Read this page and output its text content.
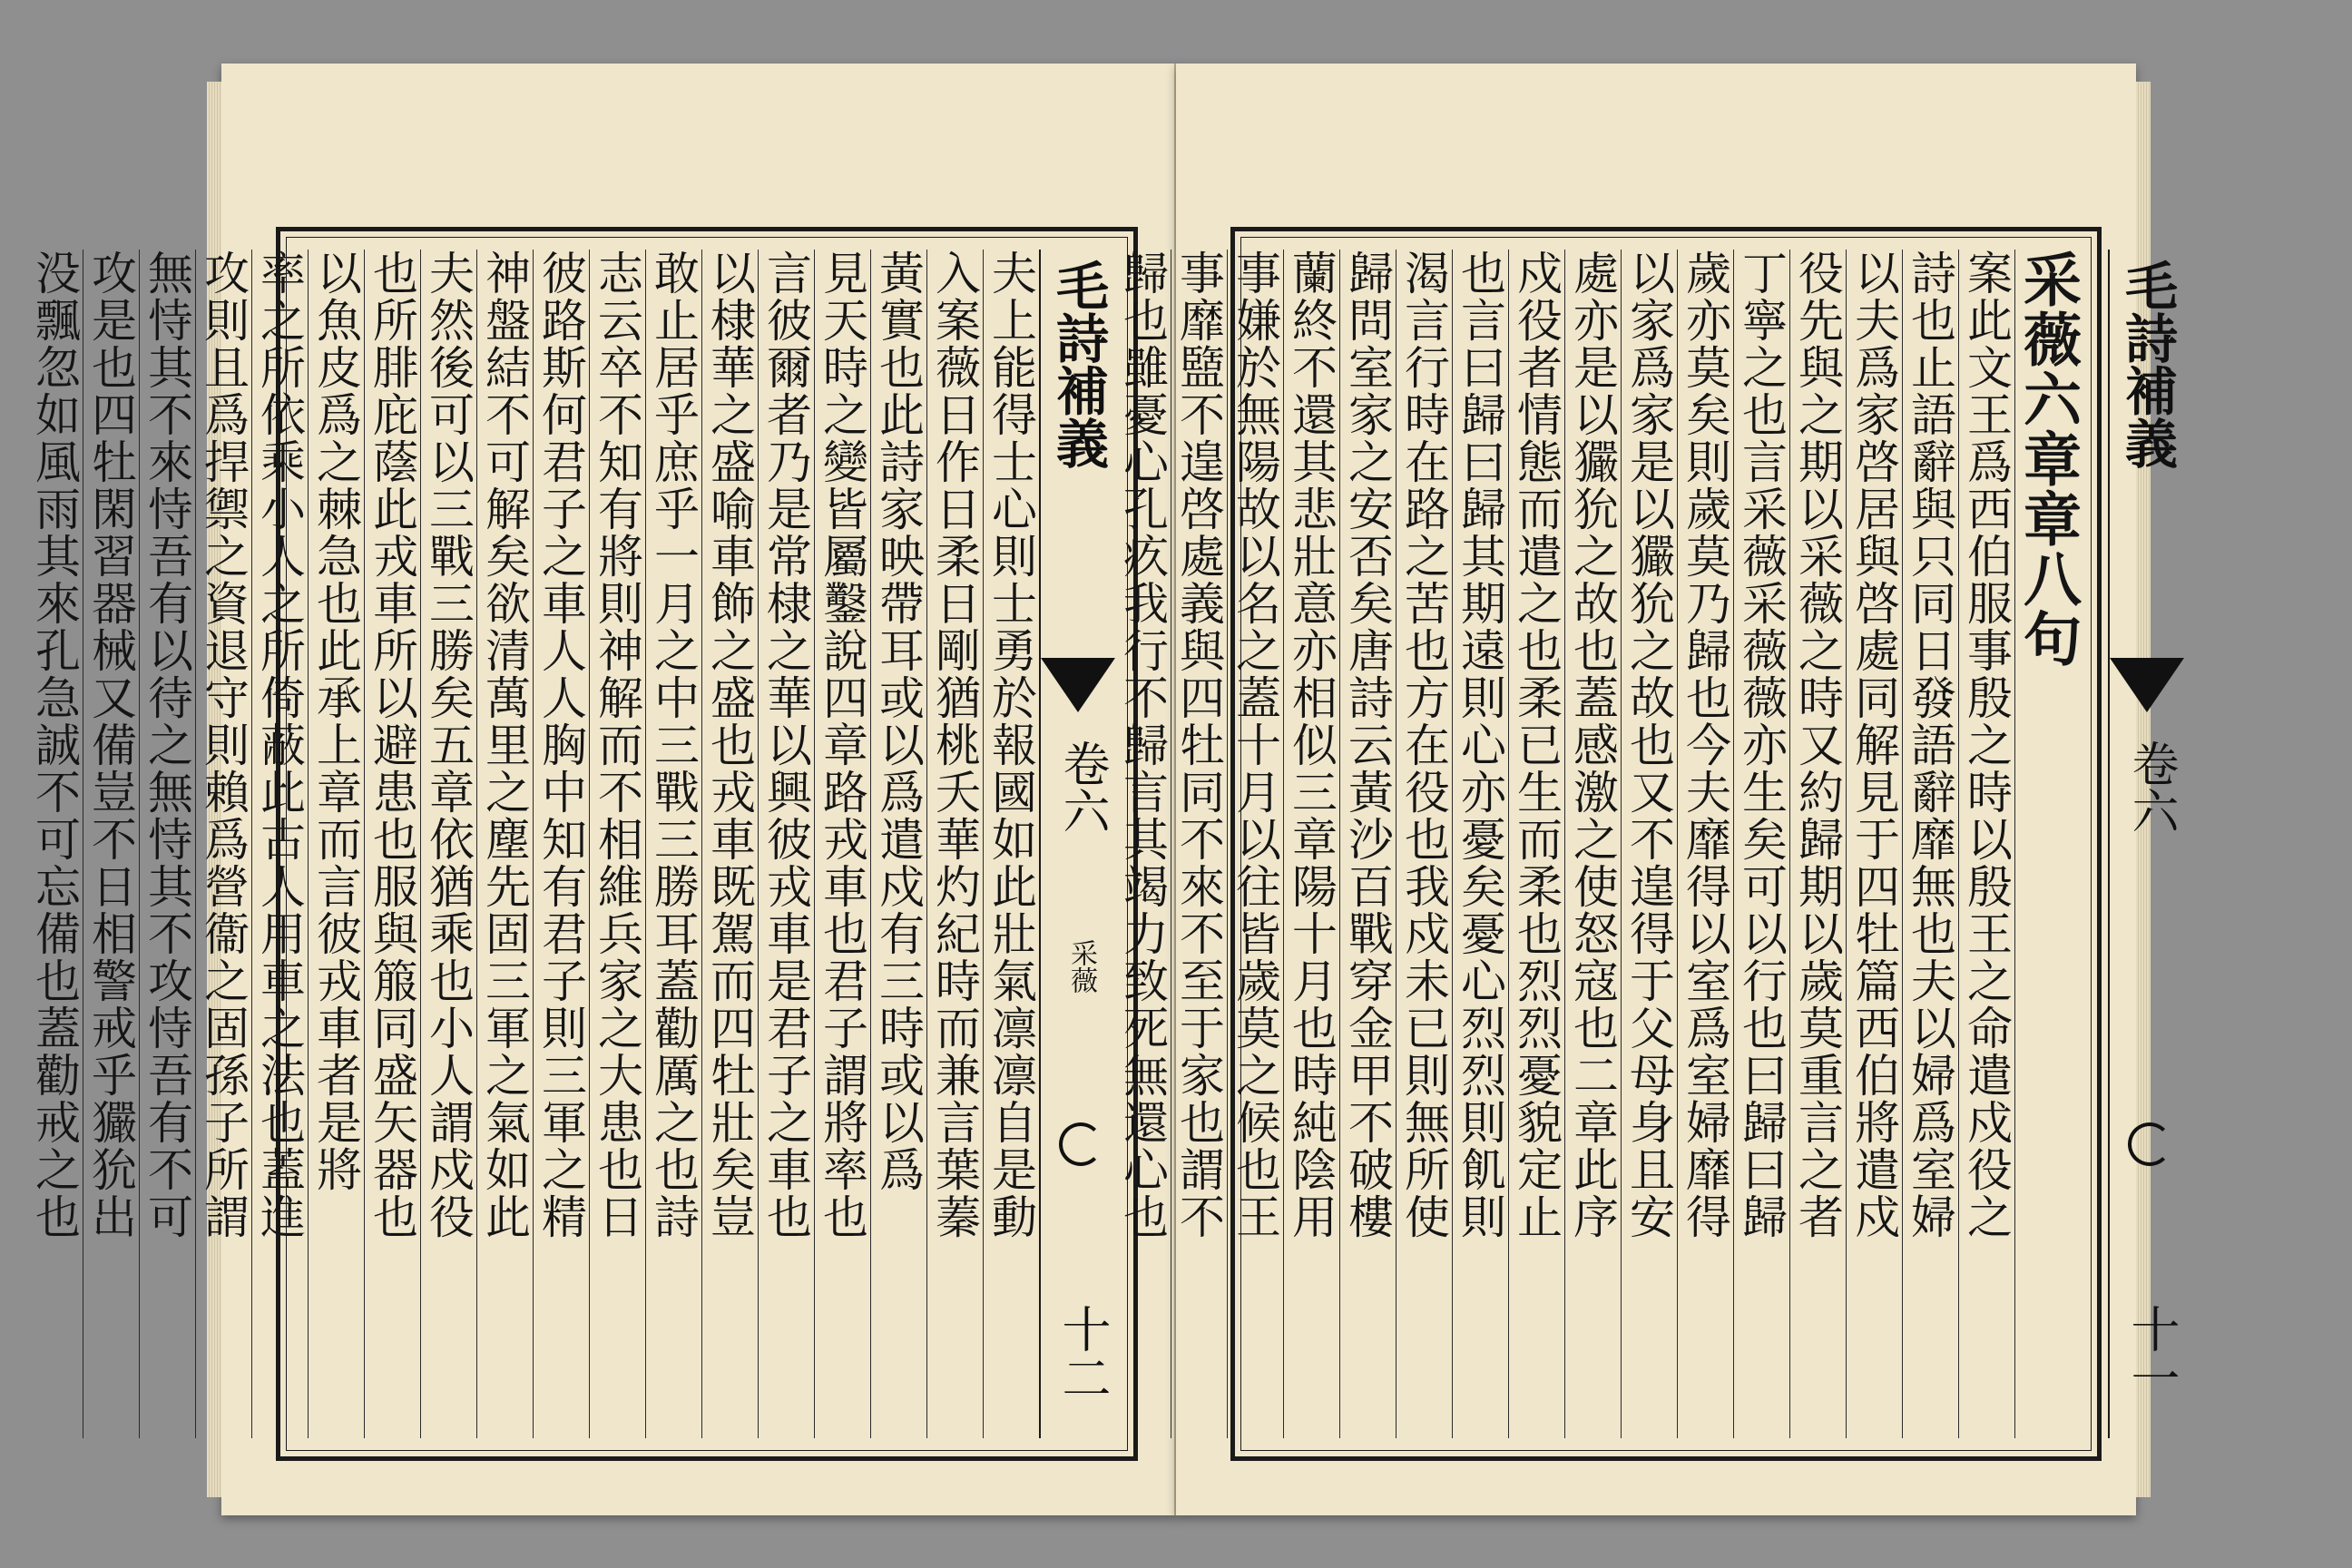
毛詩補義
卷六
采薇
十二
夫上能得士心則士勇於報國如此壯氣凛凛自是動
入案薇日作日柔日剛猶桃夭華灼紀時而兼言葉蓁
黃實也此詩家映帶耳或以爲遣戍有三時或以爲
見天時之變皆屬鑿說四章路戎車也君子謂將率也
言彼爾者乃是常棣之華以興彼戎車是君子之車也
以棣華之盛喻車飾之盛也戎車既駕而四牡壯矣豈
敢止居乎庶乎一月之中三戰三勝耳蓋勸厲之也詩
志云卒不知有將則神解而不相維兵家之大患也日
彼路斯何君子之車人人胸中知有君子則三軍之精
神盤結不可解矣欲清萬里之塵先固三軍之氣如此
夫然後可以三戰三勝矣五章依猶乘也小人謂戍役
也所腓庇蔭此戎車所以避患也服與箙同盛矢器也
以魚皮爲之棘急也此承上章而言彼戎車者是將
率之所依乘小人之所倚蔽此古人用車之法也蓋進
攻則且爲捍禦之資退守則賴爲營衞之固孫子所謂
無恃其不來恃吾有以待之無恃其不攻恃吾有不可
攻是也四牡閑習器械又備豈不日相警戒乎玁狁出
没飄忽如風雨其來孔急誠不可忘備也蓋勸戒之也	采薇六章章八句
案此文王爲西伯服事殷之時以殷王之命遣戍役之
詩也止語辭與只同日發語辭靡無也夫以婦爲室婦
以夫爲家啓居與啓處同解見于四牡篇西伯將遣戍
役先與之期以采薇之時又約歸期以歲莫重言之者
丁寧之也言采薇采薇薇亦生矣可以行也曰歸曰歸
歲亦莫矣則歲莫乃歸也今夫靡得以室爲室婦靡得
以家爲家是以玁狁之故也又不遑得于父母身且安
處亦是以玁狁之故也蓋感激之使怒寇也二章此序
戍役者情態而遣之也柔已生而柔也烈烈憂貌定止
也言曰歸曰歸其期遠則心亦憂矣憂心烈烈則飢則
渴言行時在路之苦也方在役也我戍未已則無所使
歸問室家之安否矣唐詩云黃沙百戰穿金甲不破樓
蘭終不還其悲壯意亦相似三章陽十月也時純陰用
事嫌於無陽故以名之蓋十月以往皆歲莫之候也王
事靡盬不遑啓處義與四牡同不來不至于家也謂不
歸也雖憂心孔疚我行不歸言其竭力致死無還心也	毛詩補義
卷六
十一
